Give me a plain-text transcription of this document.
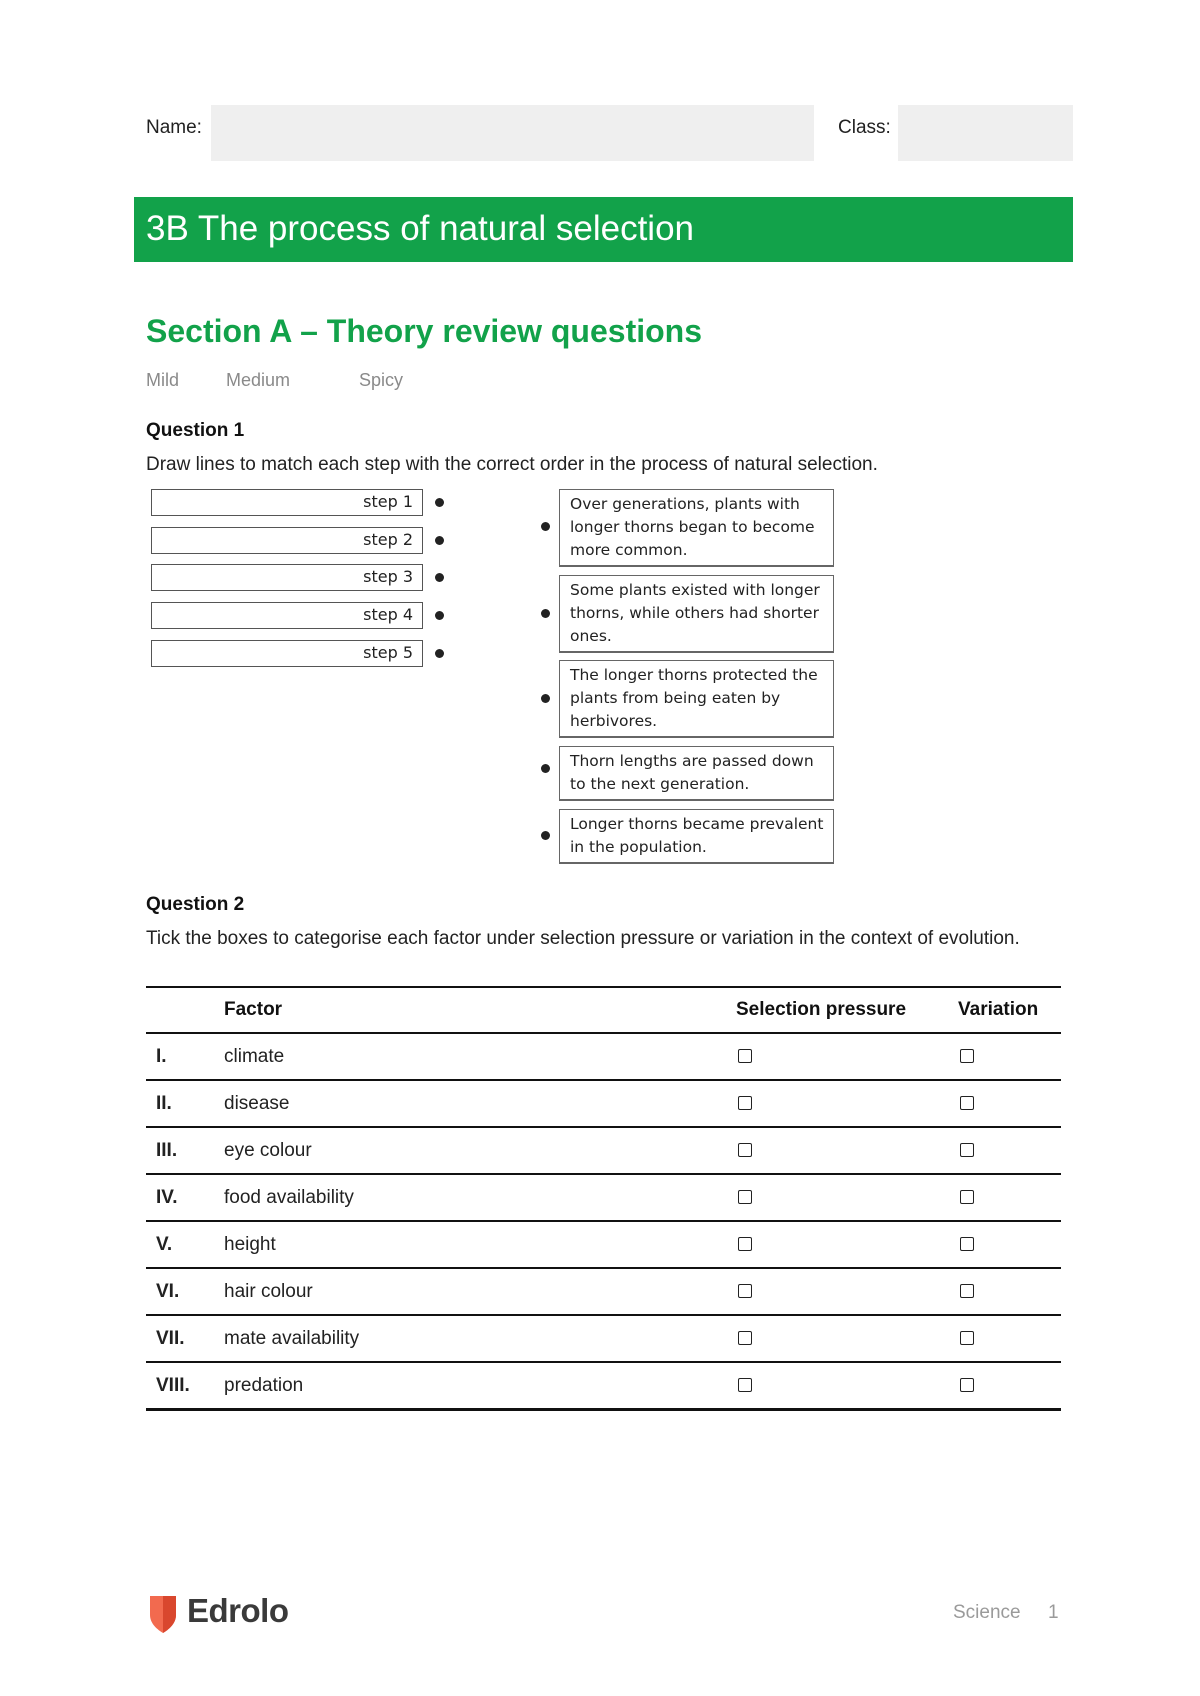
Name:	Class:
3B The process of natural selection
Section A – Theory review questions
Mild	Medium	Spicy
Question 1
Draw lines to match each step with the correct order in the process of natural selection.
step 1
step 2
step 3
step 4
step 5
Over generations, plants with longer thorns began to become more common.
Some plants existed with longer thorns, while others had shorter ones.
The longer thorns protected the plants from being eaten by herbivores.
Thorn lengths are passed down to the next generation.
Longer thorns became prevalent in the population.
Question 2
Tick the boxes to categorise each factor under selection pressure or variation in the context of evolution.
	Factor	Selection pressure	Variation
I.	climate		
II.	disease		
III.	eye colour		
IV.	food availability		
V.	height		
VI.	hair colour		
VII.	mate availability		
VIII.	predation		
Edrolo	Science 1
